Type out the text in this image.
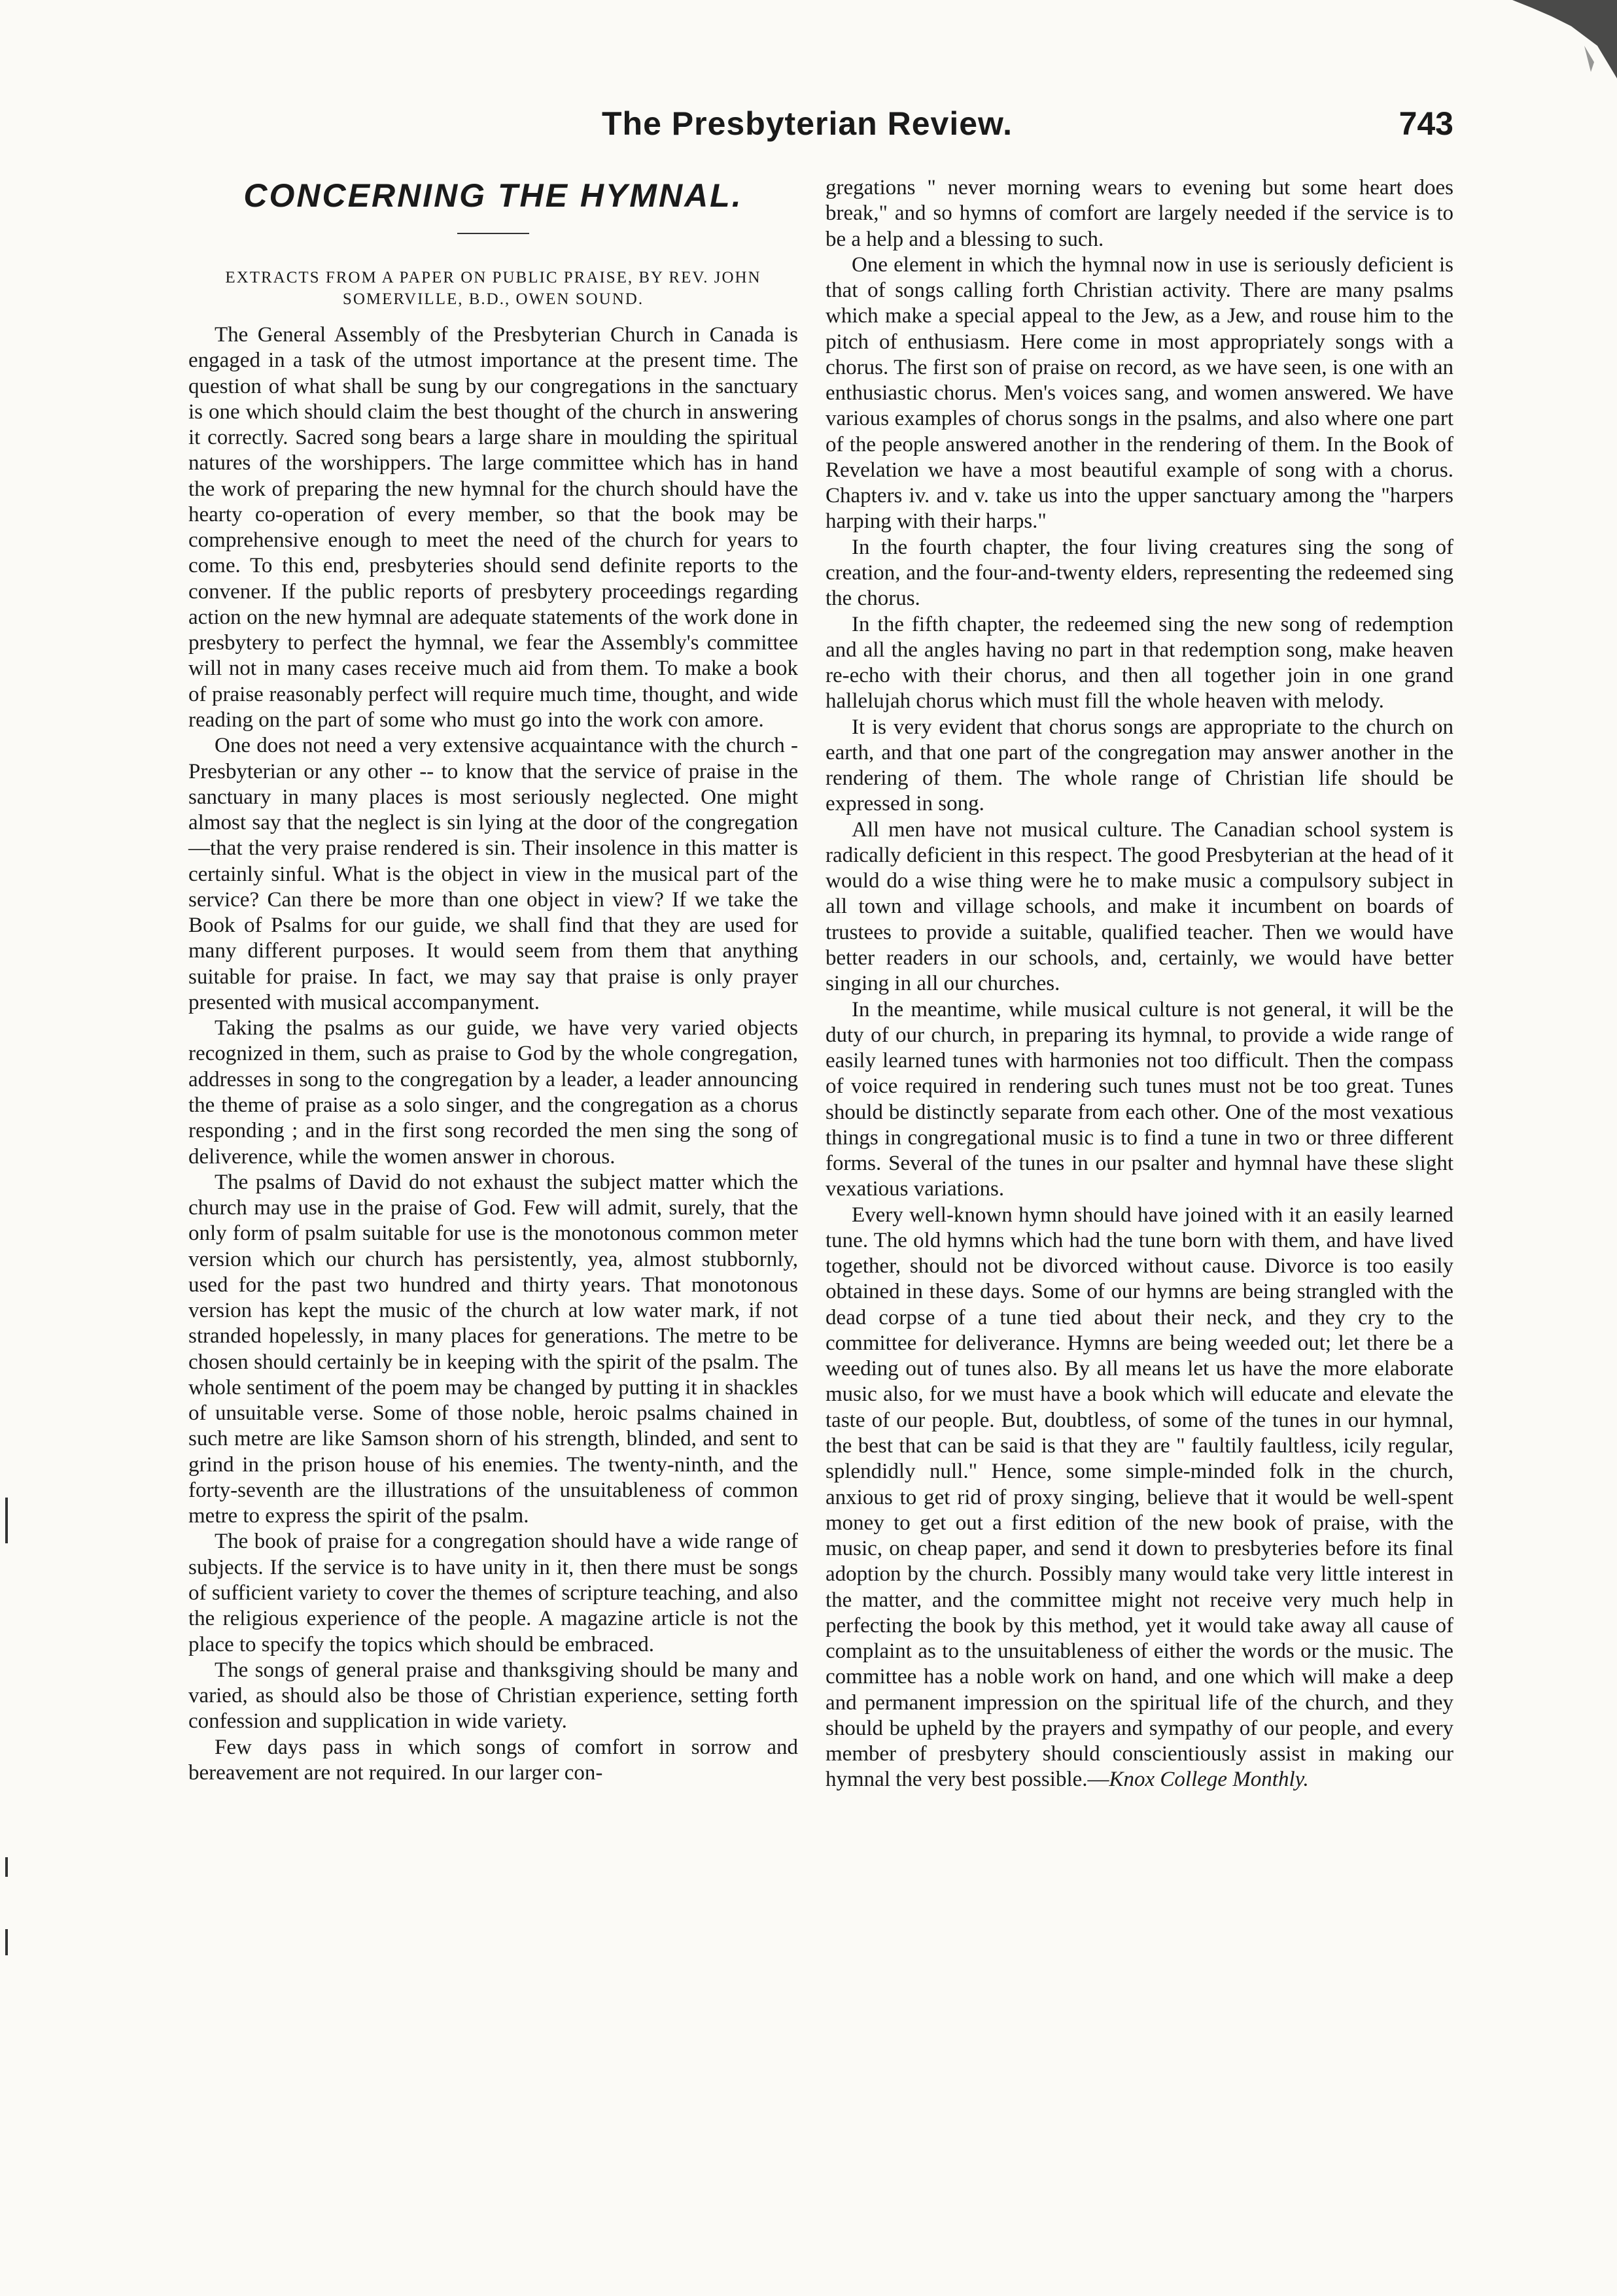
The Presbyterian Review.	743
CONCERNING THE HYMNAL.

EXTRACTS FROM A PAPER ON PUBLIC PRAISE, BY REV. JOHN SOMERVILLE, B.D., OWEN SOUND.

The General Assembly of the Presbyterian Church in Canada is engaged in a task of the utmost importance at the present time. The question of what shall be sung by our congregations in the sanctuary is one which should claim the best thought of the church in answering it correctly. Sacred song bears a large share in moulding the spiritual natures of the worshippers. The large committee which has in hand the work of preparing the new hymnal for the church should have the hearty co-operation of every member, so that the book may be comprehensive enough to meet the need of the church for years to come. To this end, presbyteries should send definite reports to the convener. If the public reports of presbytery proceedings regarding action on the new hymnal are adequate statements of the work done in presbytery to perfect the hymnal, we fear the Assembly's committee will not in many cases receive much aid from them. To make a book of praise reasonably perfect will require much time, thought, and wide reading on the part of some who must go into the work con amore.

One does not need a very extensive acquaintance with the church - Presbyterian or any other -- to know that the service of praise in the sanctuary in many places is most seriously neglected. One might almost say that the neglect is sin lying at the door of the congregation —that the very praise rendered is sin. Their insolence in this matter is certainly sinful. What is the object in view in the musical part of the service? Can there be more than one object in view? If we take the Book of Psalms for our guide, we shall find that they are used for many different purposes. It would seem from them that anything suitable for praise. In fact, we may say that praise is only prayer presented with musical accompanyment.

Taking the psalms as our guide, we have very varied objects recognized in them, such as praise to God by the whole congregation, addresses in song to the congregation by a leader, a leader announcing the theme of praise as a solo singer, and the congregation as a chorus responding ; and in the first song recorded the men sing the song of deliverence, while the women answer in chorous.

The psalms of David do not exhaust the subject matter which the church may use in the praise of God. Few will admit, surely, that the only form of psalm suitable for use is the monotonous common meter version which our church has persistently, yea, almost stubbornly, used for the past two hundred and thirty years. That monotonous version has kept the music of the church at low water mark, if not stranded hopelessly, in many places for generations. The metre to be chosen should certainly be in keeping with the spirit of the psalm. The whole sentiment of the poem may be changed by putting it in shackles of unsuitable verse. Some of those noble, heroic psalms chained in such metre are like Samson shorn of his strength, blinded, and sent to grind in the prison house of his enemies. The twenty-ninth, and the forty-seventh are the illustrations of the unsuitableness of common metre to express the spirit of the psalm.

The book of praise for a congregation should have a wide range of subjects. If the service is to have unity in it, then there must be songs of sufficient variety to cover the themes of scripture teaching, and also the religious experience of the people. A magazine article is not the place to specify the topics which should be embraced.

The songs of general praise and thanksgiving should be many and varied, as should also be those of Christian experience, setting forth confession and supplication in wide variety.

Few days pass in which songs of comfort in sorrow and bereavement are not required. In our larger con-

gregations " never morning wears to evening but some heart does break," and so hymns of comfort are largely needed if the service is to be a help and a blessing to such.

One element in which the hymnal now in use is seriously deficient is that of songs calling forth Christian activity. There are many psalms which make a special appeal to the Jew, as a Jew, and rouse him to the pitch of enthusiasm. Here come in most appropriately songs with a chorus. The first son of praise on record, as we have seen, is one with an enthusiastic chorus. Men's voices sang, and women answered. We have various examples of chorus songs in the psalms, and also where one part of the people answered another in the rendering of them. In the Book of Revelation we have a most beautiful example of song with a chorus. Chapters iv. and v. take us into the upper sanctuary among the "harpers harping with their harps."

In the fourth chapter, the four living creatures sing the song of creation, and the four-and-twenty elders, representing the redeemed sing the chorus.

In the fifth chapter, the redeemed sing the new song of redemption and all the angles having no part in that redemption song, make heaven re-echo with their chorus, and then all together join in one grand hallelujah chorus which must fill the whole heaven with melody.

It is very evident that chorus songs are appropriate to the church on earth, and that one part of the congregation may answer another in the rendering of them. The whole range of Christian life should be expressed in song.

All men have not musical culture. The Canadian school system is radically deficient in this respect. The good Presbyterian at the head of it would do a wise thing were he to make music a compulsory subject in all town and village schools, and make it incumbent on boards of trustees to provide a suitable, qualified teacher. Then we would have better readers in our schools, and, certainly, we would have better singing in all our churches.

In the meantime, while musical culture is not general, it will be the duty of our church, in preparing its hymnal, to provide a wide range of easily learned tunes with harmonies not too difficult. Then the compass of voice required in rendering such tunes must not be too great. Tunes should be distinctly separate from each other. One of the most vexatious things in congregational music is to find a tune in two or three different forms. Several of the tunes in our psalter and hymnal have these slight vexatious variations.

Every well-known hymn should have joined with it an easily learned tune. The old hymns which had the tune born with them, and have lived together, should not be divorced without cause. Divorce is too easily obtained in these days. Some of our hymns are being strangled with the dead corpse of a tune tied about their neck, and they cry to the committee for deliverance. Hymns are being weeded out; let there be a weeding out of tunes also. By all means let us have the more elaborate music also, for we must have a book which will educate and elevate the taste of our people. But, doubtless, of some of the tunes in our hymnal, the best that can be said is that they are " faultily faultless, icily regular, splendidly null." Hence, some simple-minded folk in the church, anxious to get rid of proxy singing, believe that it would be well-spent money to get out a first edition of the new book of praise, with the music, on cheap paper, and send it down to presbyteries before its final adoption by the church. Possibly many would take very little interest in the matter, and the committee might not receive very much help in perfecting the book by this method, yet it would take away all cause of complaint as to the unsuitableness of either the words or the music. The committee has a noble work on hand, and one which will make a deep and permanent impression on the spiritual life of the church, and they should be upheld by the prayers and sympathy of our people, and every member of presbytery should conscientiously assist in making our hymnal the very best possible.—Knox College Monthly.
